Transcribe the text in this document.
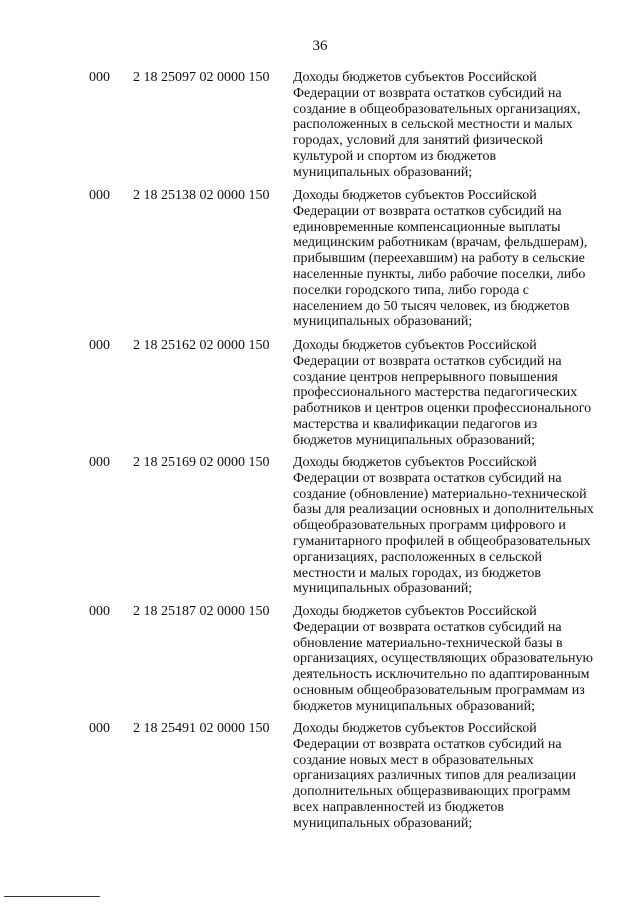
36
000 2 18 25097 02 0000 150 Доходы бюджетов субъектов Российской
Федерации от возврата остатков субсидий на
создание в общеобразовательных организациях,
расположенных в сельской местности и малых
городах, условий для занятий физической
культурой и спортом из бюджетов
муниципальных образований;
000 2 18 25138 02 0000 150 Доходы бюджетов субъектов Российской
Федерации от возврата остатков субсидий на
единовременные компенсационные выплаты
медицинским работникам (врачам, фельдшерам),
прибывшим (переехавшим) на работу в сельские
населенные пункты, либо рабочие поселки, либо
поселки городского типа, либо города с
населением до 50 тысяч человек, из бюджетов
муниципальных образований;
000 2 18 25162 02 0000 150 Доходы бюджетов субъектов Российской
Федерации от возврата остатков субсидий на
создание центров непрерывного повышения
профессионального мастерства педагогических
работников и центров оценки профессионального
мастерства и квалификации педагогов из
бюджетов муниципальных образований;
000 2 18 25169 02 0000 150 Доходы бюджетов субъектов Российской
Федерации от возврата остатков субсидий на
создание (обновление) материально-технической
базы для реализации основных и дополнительных
общеобразовательных программ цифрового и
гуманитарного профилей в общеобразовательных
организациях, расположенных в сельской
местности и малых городах, из бюджетов
муниципальных образований;
000 2 18 25187 02 0000 150 Доходы бюджетов субъектов Российской
Федерации от возврата остатков субсидий на
обновление материально-технической базы в
организациях, осуществляющих образовательную
деятельность исключительно по адаптированным
основным общеобразовательным программам из
бюджетов муниципальных образований;
000 2 18 25491 02 0000 150 Доходы бюджетов субъектов Российской
Федерации от возврата остатков субсидий на
создание новых мест в образовательных
организациях различных типов для реализации
дополнительных общеразвивающих программ
всех направленностей из бюджетов
муниципальных образований;
